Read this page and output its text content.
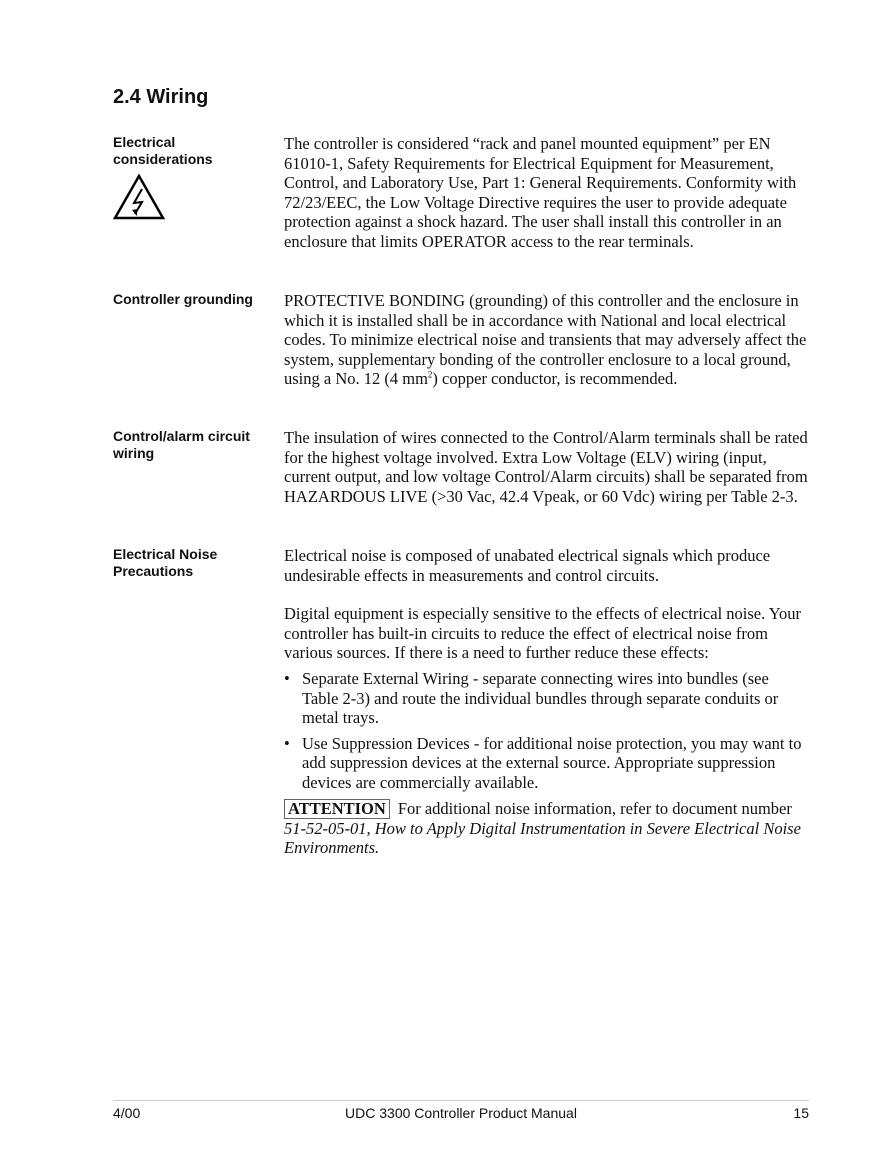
2.4 Wiring
Electrical considerations

The controller is considered “rack and panel mounted equipment” per EN 61010-1, Safety Requirements for Electrical Equipment for Measurement, Control, and Laboratory Use, Part 1: General Requirements. Conformity with 72/23/EEC, the Low Voltage Directive requires the user to provide adequate protection against a shock hazard. The user shall install this controller in an enclosure that limits OPERATOR access to the rear terminals.

Controller grounding	PROTECTIVE BONDING (grounding) of this controller and the enclosure in which it is installed shall be in accordance with National and local electrical codes. To minimize electrical noise and transients that may adversely affect the system, supplementary bonding of the controller enclosure to a local ground, using a No. 12 (4 $mm^2$) copper conductor, is recommended.

Control/alarm circuit wiring

The insulation of wires connected to the Control/Alarm terminals shall be rated for the highest voltage involved. Extra Low Voltage (ELV) wiring (input, current output, and low voltage Control/Alarm circuits) shall be separated from HAZARDOUS LIVE (>30 Vac, 42.4 Vpeak, or 60 Vdc) wiring per Table 2-3.

Electrical Noise Precautions

Electrical noise is composed of unabated electrical signals which produce undesirable effects in measurements and control circuits.

Digital equipment is especially sensitive to the effects of electrical noise. Your controller has built-in circuits to reduce the effect of electrical noise from various sources. If there is a need to further reduce these effects:

• Separate External Wiring - separate connecting wires into bundles (see Table 2-3) and route the individual bundles through separate conduits or metal trays.
• Use Suppression Devices - for additional noise protection, you may want to add suppression devices at the external source. Appropriate suppression devices are commercially available.
ATTENTION For additional noise information, refer to document number 51-52-05-01, How to Apply Digital Instrumentation in Severe Electrical Noise Environments.
4/00	UDC 3300 Controller Product Manual	15
